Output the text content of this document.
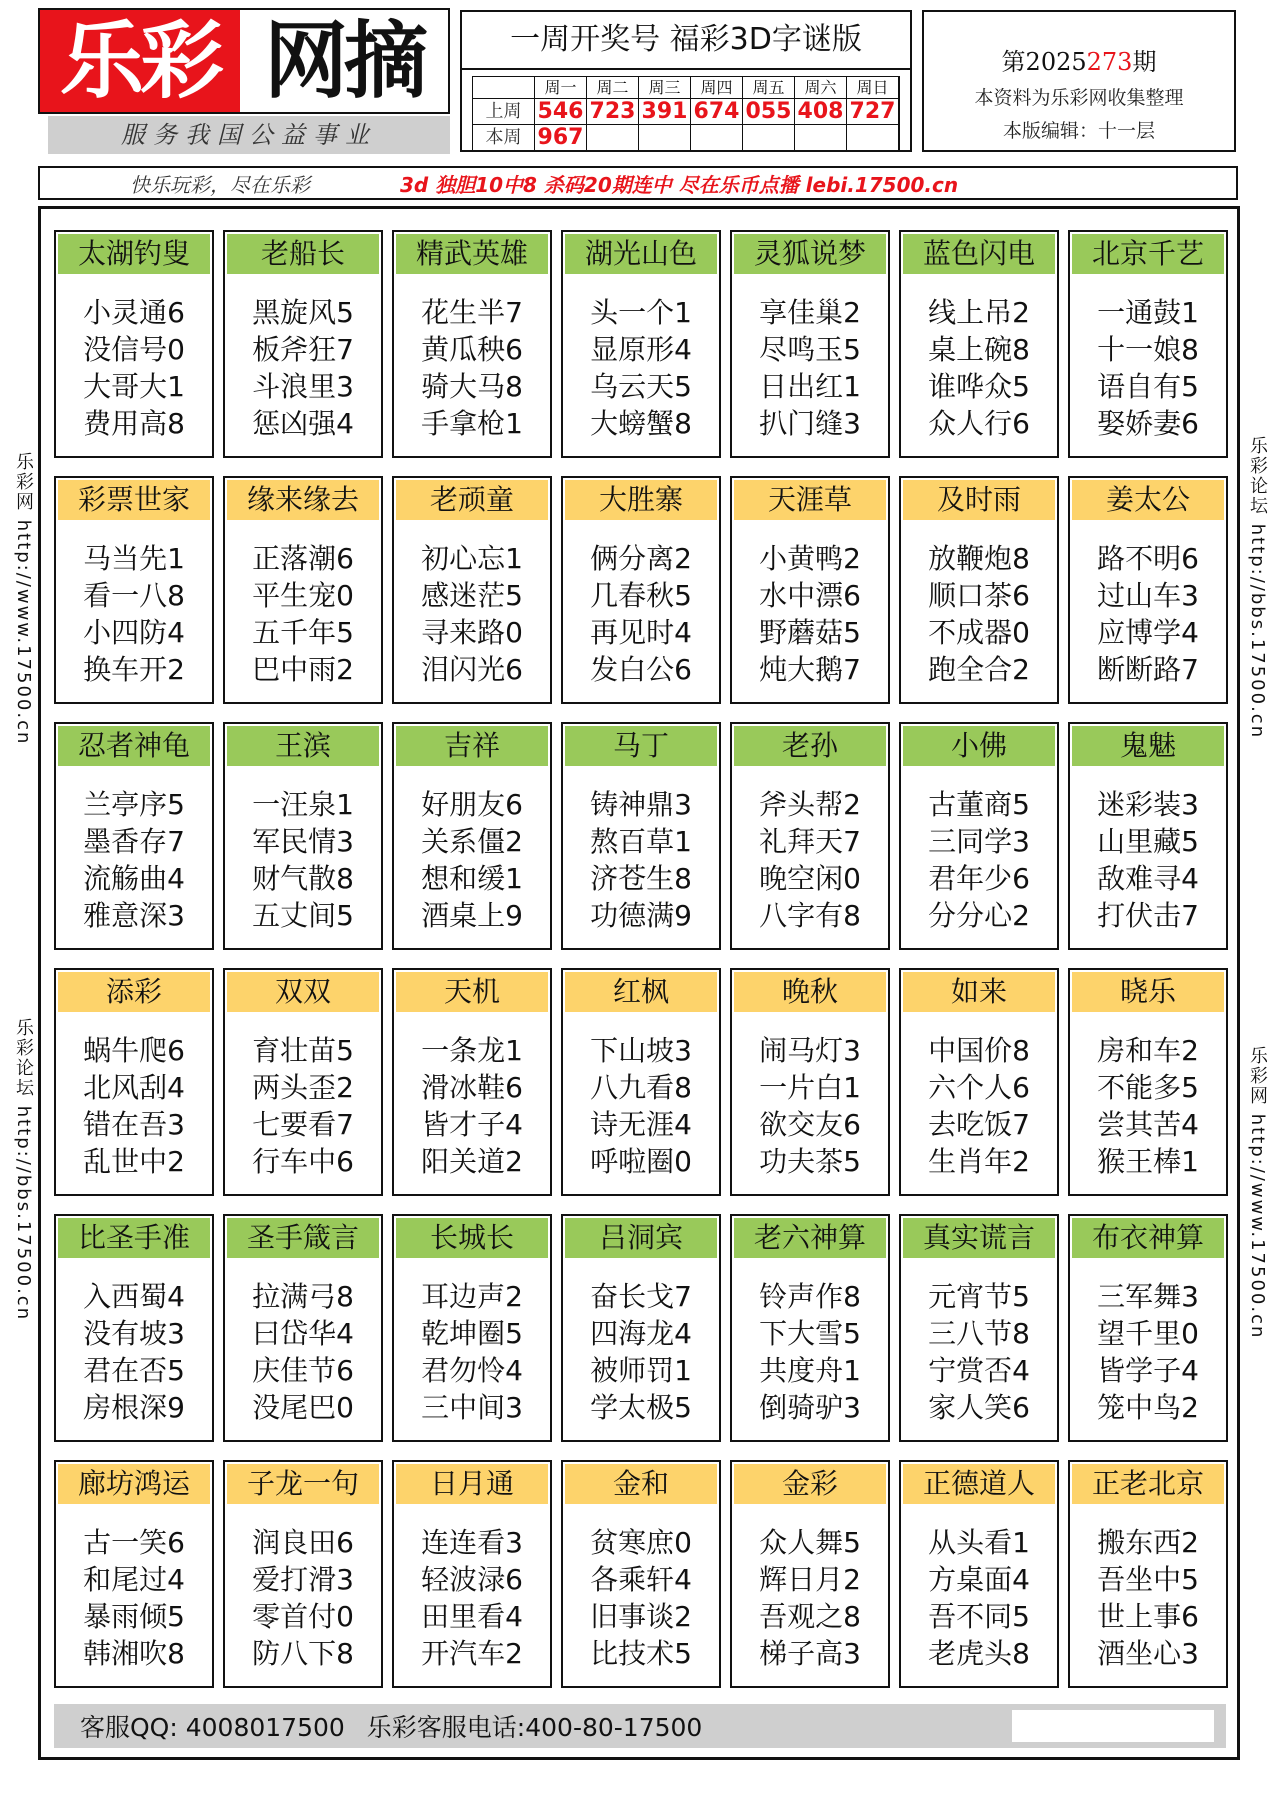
乐彩 网摘
服务我国公益事业
一周开奖号 福彩3D字谜版
周一	周二	周三	周四	周五	周六	周日
上周 546 723 391 674 055 408 727
本周 967
第2025273期
本资料为乐彩网收集整理
本版编辑：十一层
快乐玩彩，尽在乐彩	3d 独胆10中8 杀码20期连中 尽在乐币点播 lebi.17500.cn
乐彩网 http://www.17500.cn
乐彩论坛 http://bbs.17500.cn
乐彩论坛 http://bbs.17500.cn
乐彩网 http://www.17500.cn
太湖钓叟
小灵通6
没信号0
大哥大1
费用高8
老船长
黑旋风5
板斧狂7
斗浪里3
惩凶强4
精武英雄
花生半7
黄瓜秧6
骑大马8
手拿枪1
湖光山色
头一个1
显原形4
乌云天5
大螃蟹8
灵狐说梦
享佳巢2
尽鸣玉5
日出红1
扒门缝3
蓝色闪电
线上吊2
桌上碗8
谁哗众5
众人行6
北京千艺
一通鼓1
十一娘8
语自有5
娶娇妻6
彩票世家
马当先1
看一八8
小四防4
换车开2
缘来缘去
正落潮6
平生宠0
五千年5
巴中雨2
老顽童
初心忘1
感迷茫5
寻来路0
泪闪光6
大胜寨
俩分离2
几春秋5
再见时4
发白公6
天涯草
小黄鸭2
水中漂6
野蘑菇5
炖大鹅7
及时雨
放鞭炮8
顺口茶6
不成器0
跑全合2
姜太公
路不明6
过山车3
应博学4
断断路7
忍者神龟
兰亭序5
墨香存7
流觞曲4
雅意深3
王滨
一汪泉1
军民情3
财气散8
五丈间5
吉祥
好朋友6
关系僵2
想和缓1
酒桌上9
马丁
铸神鼎3
熬百草1
济苍生8
功德满9
老孙
斧头帮2
礼拜天7
晚空闲0
八字有8
小佛
古董商5
三同学3
君年少6
分分心2
鬼魅
迷彩装3
山里藏5
敌难寻4
打伏击7
添彩
蜗牛爬6
北风刮4
错在吾3
乱世中2
双双
育壮苗5
两头歪2
七要看7
行车中6
天机
一条龙1
滑冰鞋6
皆才子4
阳关道2
红枫
下山坡3
八九看8
诗无涯4
呼啦圈0
晚秋
闹马灯3
一片白1
欲交友6
功夫茶5
如来
中国价8
六个人6
去吃饭7
生肖年2
晓乐
房和车2
不能多5
尝其苦4
猴王棒1
比圣手准
入西蜀4
没有坡3
君在否5
房根深9
圣手箴言
拉满弓8
曰岱华4
庆佳节6
没尾巴0
长城长
耳边声2
乾坤圈5
君勿怜4
三中间3
吕洞宾
奋长戈7
四海龙4
被师罚1
学太极5
老六神算
铃声作8
下大雪5
共度舟1
倒骑驴3
真实谎言
元宵节5
三八节8
宁赏否4
家人笑6
布衣神算
三军舞3
望千里0
皆学子4
笼中鸟2
廊坊鸿运
古一笑6
和尾过4
暴雨倾5
韩湘吹8
子龙一句
润良田6
爱打滑3
零首付0
防八下8
日月通
连连看3
轻波渌6
田里看4
开汽车2
金和
贫寒庶0
各乘轩4
旧事谈2
比技术5
金彩
众人舞5
辉日月2
吾观之8
梯子高3
正德道人
从头看1
方桌面4
吾不同5
老虎头8
正老北京
搬东西2
吾坐中5
世上事6
酒坐心3
客服QQ: 4008017500 乐彩客服电话:400-80-17500
